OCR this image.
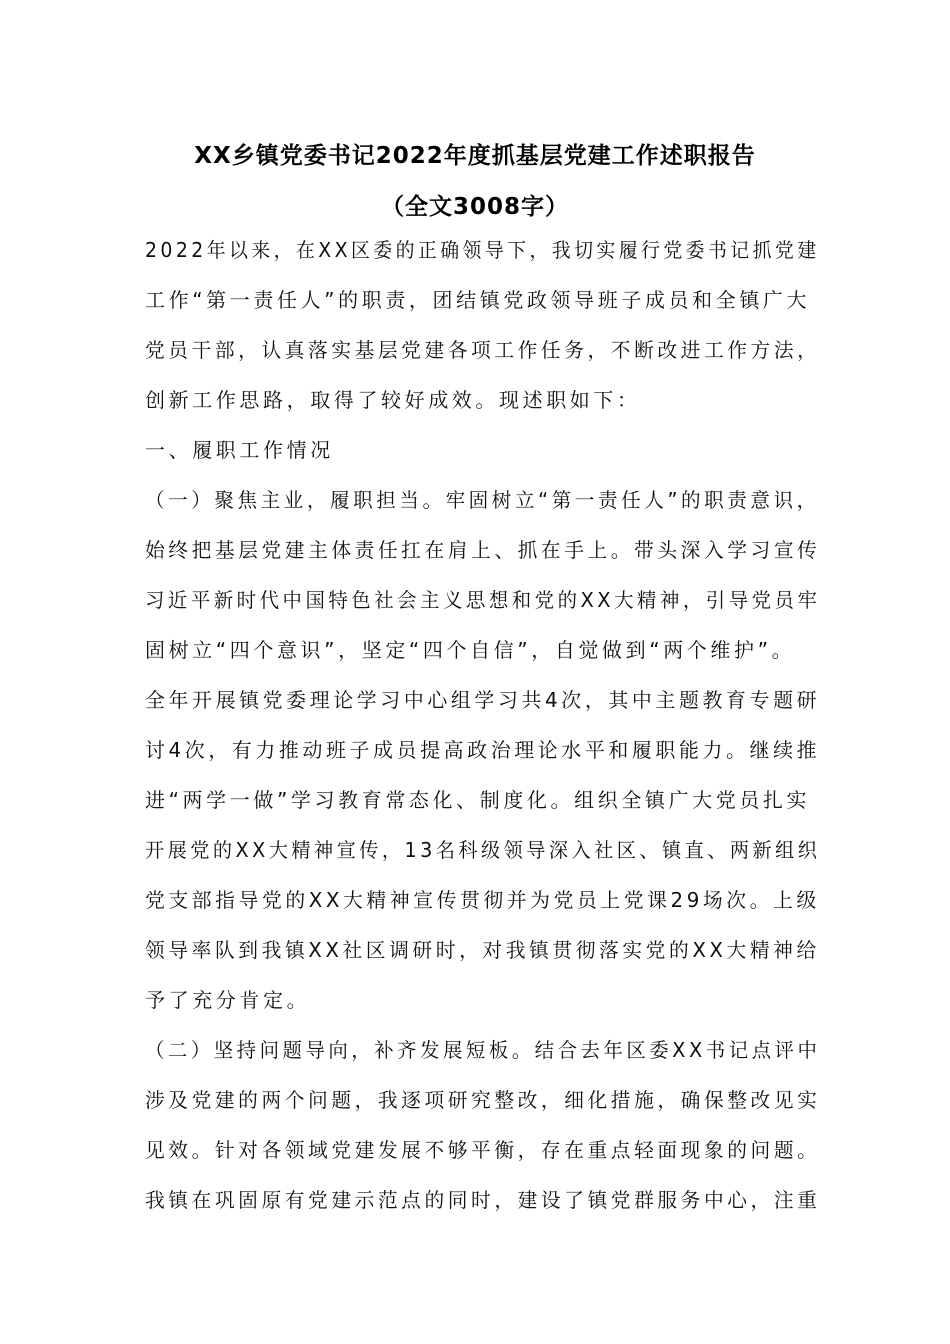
XX乡镇党委书记2022年度抓基层党建工作述职报告
（全文3008字）
2022年以来，在XX区委的正确领导下，我切实履行党委书记抓党建
工作“第一责任人”的职责，团结镇党政领导班子成员和全镇广大
党员干部，认真落实基层党建各项工作任务，不断改进工作方法，
创新工作思路，取得了较好成效。现述职如下：
一、履职工作情况
（一）聚焦主业，履职担当。牢固树立“第一责任人”的职责意识，
始终把基层党建主体责任扛在肩上、抓在手上。带头深入学习宣传
习近平新时代中国特色社会主义思想和党的XX大精神，引导党员牢
固树立“四个意识”，坚定“四个自信”，自觉做到“两个维护”。
全年开展镇党委理论学习中心组学习共4次，其中主题教育专题研
讨4次，有力推动班子成员提高政治理论水平和履职能力。继续推
进“两学一做”学习教育常态化、制度化。组织全镇广大党员扎实
开展党的XX大精神宣传，13名科级领导深入社区、镇直、两新组织
党支部指导党的XX大精神宣传贯彻并为党员上党课29场次。上级
领导率队到我镇XX社区调研时，对我镇贯彻落实党的XX大精神给
予了充分肯定。
（二）坚持问题导向，补齐发展短板。结合去年区委XX书记点评中
涉及党建的两个问题，我逐项研究整改，细化措施，确保整改见实
见效。针对各领域党建发展不够平衡，存在重点轻面现象的问题。
我镇在巩固原有党建示范点的同时，建设了镇党群服务中心，注重
